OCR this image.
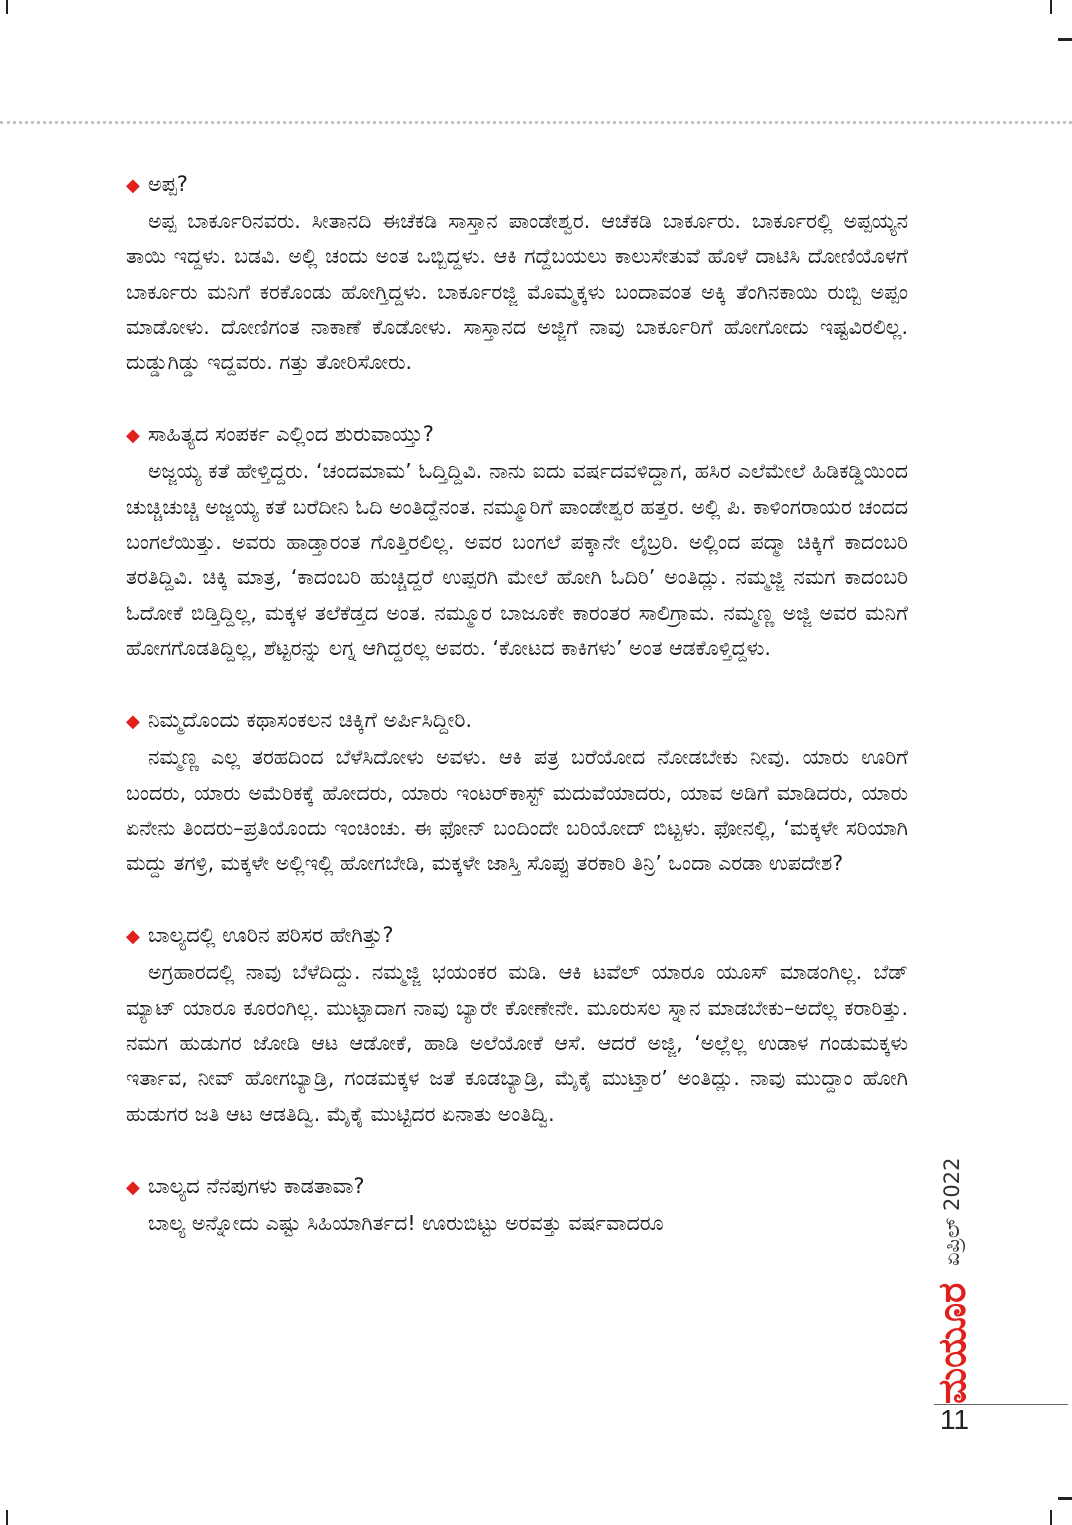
◆ ಅಪ್ಪ?

ಅಪ್ಪ ಬಾರ್ಕೂರಿನವರು. ಸೀತಾನದಿ ಈಚೆಕಡಿ ಸಾಸ್ತಾನ ಪಾಂಡೇಶ್ವರ. ಆಚೆಕಡಿ ಬಾರ್ಕೂರು. ಬಾರ್ಕೂರಲ್ಲಿ ಅಪ್ಪಯ್ಯನ ತಾಯಿ ಇದ್ದಳು. ಬಡವಿ. ಅಲ್ಲಿ ಚಂದು ಅಂತ ಒಬ್ಬಿದ್ದಳು. ಆಕಿ ಗದ್ದೆಬಯಲು ಕಾಲುಸೇತುವೆ ಹೊಳೆ ದಾಟಿಸಿ ದೋಣಿಯೊಳಗೆ ಬಾರ್ಕೂರು ಮನಿಗೆ ಕರಕೊಂಡು ಹೋಗ್ತಿದ್ದಳು. ಬಾರ್ಕೂರಜ್ಜಿ ಮೊಮ್ಮಕ್ಕಳು ಬಂದಾವಂತ ಅಕ್ಕಿ ತೆಂಗಿನಕಾಯಿ ರುಬ್ಬಿ ಅಪ್ಪಂ ಮಾಡೋಳು. ದೋಣಿಗಂತ ನಾಕಾಣೆ ಕೊಡೋಳು. ಸಾಸ್ತಾನದ ಅಜ್ಜಿಗೆ ನಾವು ಬಾರ್ಕೂರಿಗೆ ಹೋಗೋದು ಇಷ್ಟವಿರಲಿಲ್ಲ. ದುಡ್ಡುಗಿಡ್ಡು ಇದ್ದವರು. ಗತ್ತು ತೋರಿಸೋರು.

◆ ಸಾಹಿತ್ಯದ ಸಂಪರ್ಕ ಎಲ್ಲಿಂದ ಶುರುವಾಯ್ತು?

ಅಜ್ಜಯ್ಯ ಕತೆ ಹೇಳ್ತಿದ್ದರು. ‘ಚಂದಮಾಮ’ ಓದ್ತಿದ್ದಿವಿ. ನಾನು ಐದು ವರ್ಷದವಳಿದ್ದಾಗ, ಹಸಿರ ಎಲೆಮೇಲೆ ಹಿಡಿಕಡ್ಡಿಯಿಂದ ಚುಚ್ಚಿಚುಚ್ಚಿ ಅಜ್ಜಯ್ಯ ಕತೆ ಬರೆದೀನಿ ಓದಿ ಅಂತಿದ್ದೆನಂತ. ನಮ್ಮೂರಿಗೆ ಪಾಂಡೇಶ್ವರ ಹತ್ತರ. ಅಲ್ಲಿ ಪಿ. ಕಾಳಿಂಗರಾಯರ ಚಂದದ ಬಂಗಲೆಯಿತ್ತು. ಅವರು ಹಾಡ್ತಾರಂತ ಗೊತ್ತಿರಲಿಲ್ಲ. ಅವರ ಬಂಗಲೆ ಪಕ್ಕಾನೇ ಲೈಬ್ರರಿ. ಅಲ್ಲಿಂದ ಪದ್ಮಾ ಚಿಕ್ಕಿಗೆ ಕಾದಂಬರಿ ತರತಿದ್ದಿವಿ. ಚಿಕ್ಕಿ ಮಾತ್ರ, ‘ಕಾದಂಬರಿ ಹುಚ್ಚಿದ್ದರೆ ಉಪ್ಪರಗಿ ಮೇಲೆ ಹೋಗಿ ಓದಿರಿ’ ಅಂತಿದ್ಲು. ನಮ್ಮಜ್ಜಿ ನಮಗ ಕಾದಂಬರಿ ಓದೋಕೆ ಬಿಡ್ತಿದ್ದಿಲ್ಲ, ಮಕ್ಕಳ ತಲೆಕೆಡ್ತದ ಅಂತ. ನಮ್ಮೂರ ಬಾಜೂಕೇ ಕಾರಂತರ ಸಾಲಿಗ್ರಾಮ. ನಮ್ಮಣ್ಣ ಅಜ್ಜಿ ಅವರ ಮನಿಗೆ ಹೋಗಗೊಡತಿದ್ದಿಲ್ಲ, ಶೆಟ್ಟರನ್ನು ಲಗ್ನ ಆಗಿದ್ದರಲ್ಲ ಅವರು. ‘ಕೋಟದ ಕಾಕಿಗಳು’ ಅಂತ ಆಡಕೊಳ್ತಿದ್ದಳು.

◆ ನಿಮ್ಮದೊಂದು ಕಥಾಸಂಕಲನ ಚಿಕ್ಕಿಗೆ ಅರ್ಪಿಸಿದ್ದೀರಿ.

ನಮ್ಮಣ್ಣ ಎಲ್ಲ ತರಹದಿಂದ ಬೆಳೆಸಿದೋಳು ಅವಳು. ಆಕಿ ಪತ್ರ ಬರೆಯೋದ ನೋಡಬೇಕು ನೀವು. ಯಾರು ಊರಿಗೆ ಬಂದರು, ಯಾರು ಅಮೆರಿಕಕ್ಕೆ ಹೋದರು, ಯಾರು ಇಂಟರ್‌ಕಾಸ್ಟ್ ಮದುವೆಯಾದರು, ಯಾವ ಅಡಿಗೆ ಮಾಡಿದರು, ಯಾರು ಏನೇನು ತಿಂದರು–ಪ್ರತಿಯೊಂದು ಇಂಚಿಂಚು. ಈ ಫೋನ್ ಬಂದಿಂದೇ ಬರಿಯೋದ್ ಬಿಟ್ಟಳು. ಫೋನಲ್ಲಿ, ‘ಮಕ್ಕಳೇ ಸರಿಯಾಗಿ ಮದ್ದು ತಗಳ್ರಿ, ಮಕ್ಕಳೇ ಅಲ್ಲಿಇಲ್ಲಿ ಹೋಗಬೇಡಿ, ಮಕ್ಕಳೇ ಜಾಸ್ತಿ ಸೊಪ್ಪು ತರಕಾರಿ ತಿನ್ರಿ’ ಒಂದಾ ಎರಡಾ ಉಪದೇಶ?

◆ ಬಾಲ್ಯದಲ್ಲಿ ಊರಿನ ಪರಿಸರ ಹೇಗಿತ್ತು?

ಅಗ್ರಹಾರದಲ್ಲಿ ನಾವು ಬೆಳೆದಿದ್ದು. ನಮ್ಮಜ್ಜಿ ಭಯಂಕರ ಮಡಿ. ಆಕಿ ಟವೆಲ್ ಯಾರೂ ಯೂಸ್ ಮಾಡಂಗಿಲ್ಲ. ಬೆಡ್ ಮ್ಯಾಟ್ ಯಾರೂ ಕೂರಂಗಿಲ್ಲ. ಮುಟ್ಟಾದಾಗ ನಾವು ಬ್ಯಾರೇ ಕೋಣೇನೇ. ಮೂರುಸಲ ಸ್ನಾನ ಮಾಡಬೇಕು–ಅದೆಲ್ಲ ಕರಾರಿತ್ತು. ನಮಗ ಹುಡುಗರ ಜೋಡಿ ಆಟ ಆಡೋಕೆ, ಹಾಡಿ ಅಲೆಯೋಕೆ ಆಸೆ. ಆದರೆ ಅಜ್ಜಿ, ‘ಅಲ್ಲೆಲ್ಲ ಉಡಾಳ ಗಂಡುಮಕ್ಕಳು ಇರ್ತಾವ, ನೀವ್ ಹೋಗಬ್ಯಾಡ್ರಿ, ಗಂಡಮಕ್ಕಳ ಜತೆ ಕೂಡಬ್ಯಾಡ್ರಿ, ಮೈಕೈ ಮುಟ್ತಾರ’ ಅಂತಿದ್ಲು. ನಾವು ಮುದ್ದಾಂ ಹೋಗಿ ಹುಡುಗರ ಜತಿ ಆಟ ಆಡತಿದ್ವಿ. ಮೈಕೈ ಮುಟ್ಟಿದರ ಏನಾತು ಅಂತಿದ್ವಿ.

◆ ಬಾಲ್ಯದ ನೆನಪುಗಳು ಕಾಡತಾವಾ?

ಬಾಲ್ಯ ಅನ್ನೋದು ಎಷ್ಟು ಸಿಹಿಯಾಗಿರ್ತದ! ಊರುಬಿಟ್ಟು ಅರವತ್ತು ವರ್ಷವಾದರೂ	ಏಪ್ರಿಲ್ 2022
ಮಯೂರ
11
